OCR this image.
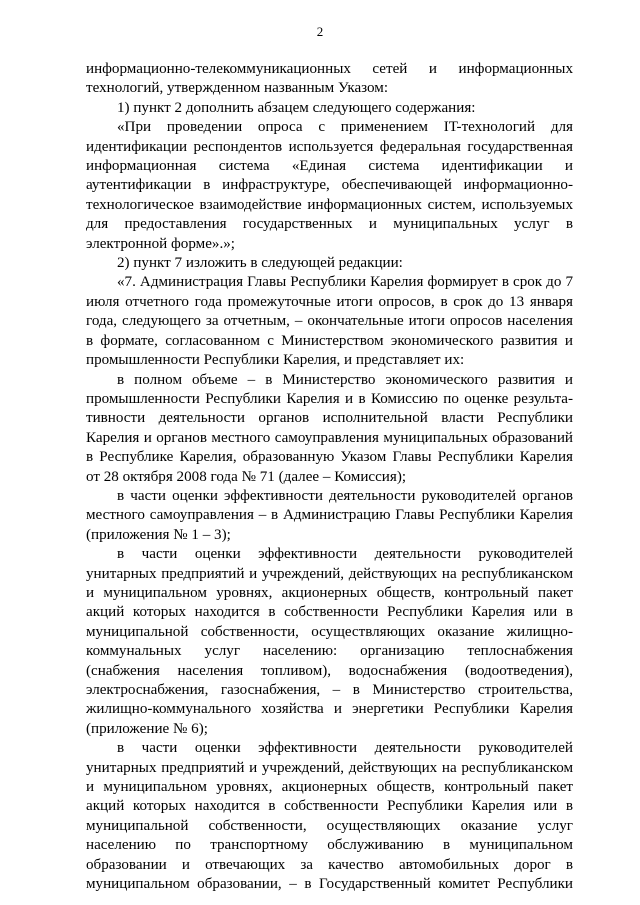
2

информационно-телекоммуникационных сетей и информационных технологий, утвержденном названным Указом:

1) пункт 2 дополнить абзацем следующего содержания:

«При проведении опроса с применением IT-технологий для идентификации респондентов используется федеральная государственная информационная система «Единая система идентификации и аутентификации в инфраструктуре, обеспечивающей информационно-технологическое взаимодействие информационных систем, используемых для предоставления государственных и муниципальных услуг в электронной форме».»;

2) пункт 7 изложить в следующей редакции:

«7. Администрация Главы Республики Карелия формирует в срок до 7 июля отчетного года промежуточные итоги опросов, в срок до 13 января года, следующего за отчетным, – окончательные итоги опросов населения в формате, согласованном с Министерством экономического развития и промышленности Республики Карелия, и представляет их:

в полном объеме – в Министерство экономического развития и промышленности Республики Карелия и в Комиссию по оценке результа-тивности деятельности органов исполнительной власти Республики Карелия и органов местного самоуправления муниципальных образований в Республике Карелия, образованную Указом Главы Республики Карелия от 28 октября 2008 года № 71 (далее – Комиссия);

в части оценки эффективности деятельности руководителей органов местного самоуправления – в Администрацию Главы Республики Карелия (приложения № 1 – 3);

в части оценки эффективности деятельности руководителей унитарных предприятий и учреждений, действующих на республиканском и муниципальном уровнях, акционерных обществ, контрольный пакет акций которых находится в собственности Республики Карелия или в муниципальной собственности, осуществляющих оказание жилищно-коммунальных услуг населению: организацию теплоснабжения (снабжения населения топливом), водоснабжения (водоотведения), электроснабжения, газоснабжения, – в Министерство строительства, жилищно-коммунального хозяйства и энергетики Республики Карелия (приложение № 6);

в части оценки эффективности деятельности руководителей унитарных предприятий и учреждений, действующих на республиканском и муниципальном уровнях, акционерных обществ, контрольный пакет акций которых находится в собственности Республики Карелия или в муниципальной собственности, осуществляющих оказание услуг населению по транспортному обслуживанию в муниципальном образовании и отвечающих за качество автомобильных дорог в муниципальном образовании, – в Государственный комитет Республики
